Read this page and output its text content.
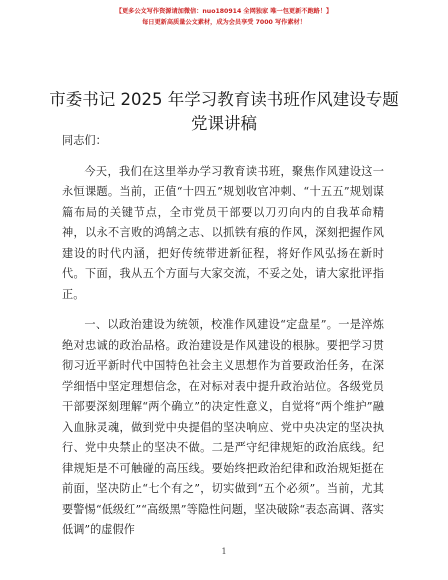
【更多公文写作资源请加微信：nuo180914 全网独家 唯一包更新不跑路！】
每日更新高质量公文素材，成为会员享受 7000 写作素材！
市委书记 2025 年学习教育读书班作风建设专题
党课讲稿

同志们：

今天，我们在这里举办学习教育读书班，聚焦作风建设这一永恒课题。当前，正值“十四五”规划收官冲刺、“十五五”规划谋篇布局的关键节点，全市党员干部要以刀刃向内的自我革命精神，以永不言败的鸿鹄之志、以抓铁有痕的作风，深刻把握作风建设的时代内涵，把好传统带进新征程，将好作风弘扬在新时代。下面，我从五个方面与大家交流，不妥之处，请大家批评指正。

一、以政治建设为统领，校准作风建设“定盘星”。一是淬炼绝对忠诚的政治品格。政治建设是作风建设的根脉。要把学习贯彻习近平新时代中国特色社会主义思想作为首要政治任务，在深学细悟中坚定理想信念，在对标对表中提升政治站位。各级党员干部要深刻理解“两个确立”的决定性意义，自觉将“两个维护”融入血脉灵魂，做到党中央提倡的坚决响应、党中央决定的坚决执行、党中央禁止的坚决不做。二是严守纪律规矩的政治底线。纪律规矩是不可触碰的高压线。要始终把政治纪律和政治规矩挺在前面，坚决防止“七个有之”，切实做到“五个必须”。当前，尤其要警惕“低级红”“高级黑”等隐性问题，坚决破除“表态高调、落实低调”的虚假作

1
